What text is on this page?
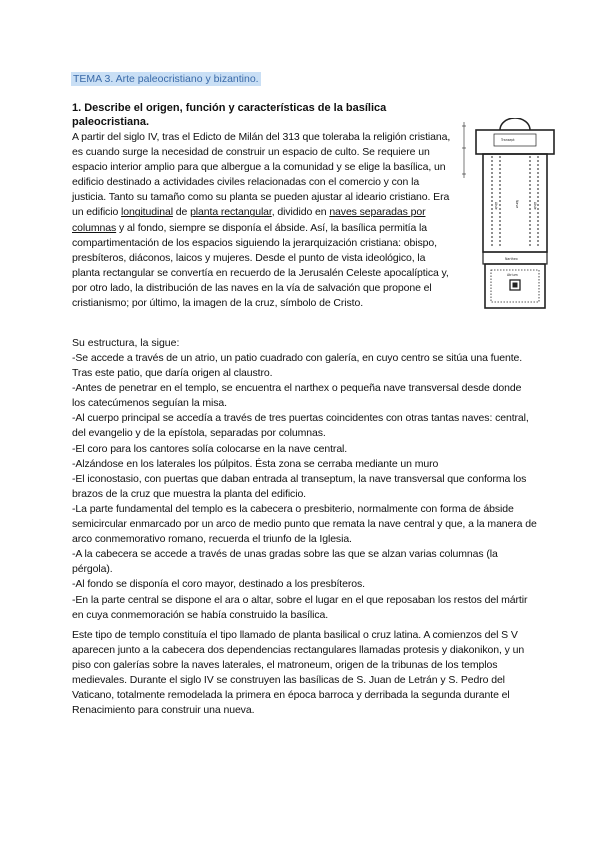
TEMA 3. Arte paleocristiano y bizantino.
1. Describe el origen, función y características de la basílica paleocristiana.
A partir del siglo IV, tras el Edicto de Milán del 313 que toleraba la religión cristiana, es cuando surge la necesidad de construir un espacio de culto. Se requiere un espacio interior amplio para que albergue a la comunidad y se elige la basílica, un edificio destinado a actividades civiles relacionadas con el comercio y con la justicia. Tanto su tamaño como su planta se pueden ajustar al ideario cristiano. Era un edificio longitudinal de planta rectangular, dividido en naves separadas por columnas y al fondo, siempre se disponía el ábside. Así, la basílica permitía la compartimentación de los espacios siguiendo la jerarquización cristiana: obispo, presbíteros, diáconos, laicos y mujeres. Desde el punto de vista ideológico, la planta rectangular se convertía en recuerdo de la Jerusalén Celeste apocalíptica y, por otro lado, la distribución de las naves en la vía de salvación que propone el cristianismo; por último, la imagen de la cruz, símbolo de Cristo.
Transept
Nave
Aisle	Aisle
Narthex
Atrium
Su estructura, la sigue:
-Se accede a través de un atrio, un patio cuadrado con galería, en cuyo centro se sitúa una fuente. Tras este patio, que daría origen al claustro.
-Antes de penetrar en el templo, se encuentra el narthex o pequeña nave transversal desde donde los catecúmenos seguían la misa.
-Al cuerpo principal se accedía a través de tres puertas coincidentes con otras tantas naves: central, del evangelio y de la epístola, separadas por columnas.
-El coro para los cantores solía colocarse en la nave central.
-Alzándose en los laterales los púlpitos. Ésta zona se cerraba mediante un muro
-El iconostasio, con puertas que daban entrada al transeptum, la nave transversal que conforma los brazos de la cruz que muestra la planta del edificio.
-La parte fundamental del templo es la cabecera o presbiterio, normalmente con forma de ábside semicircular enmarcado por un arco de medio punto que remata la nave central y que, a la manera de arco conmemorativo romano, recuerda el triunfo de la Iglesia.
-A la cabecera se accede a través de unas gradas sobre las que se alzan varias columnas (la pérgola).
-Al fondo se disponía el coro mayor, destinado a los presbíteros.
-En la parte central se dispone el ara o altar, sobre el lugar en el que reposaban los restos del mártir en cuya conmemoración se había construido la basílica.
Este tipo de templo constituía el tipo llamado de planta basilical o cruz latina. A comienzos del S V aparecen junto a la cabecera dos dependencias rectangulares llamadas protesis y diakonikon, y un piso con galerías sobre la naves laterales, el matroneum, origen de la tribunas de los templos medievales. Durante el siglo IV se construyen las basílicas de S. Juan de Letrán y S. Pedro del Vaticano, totalmente remodelada la primera en época barroca y derribada la segunda durante el Renacimiento para construir una nueva.
